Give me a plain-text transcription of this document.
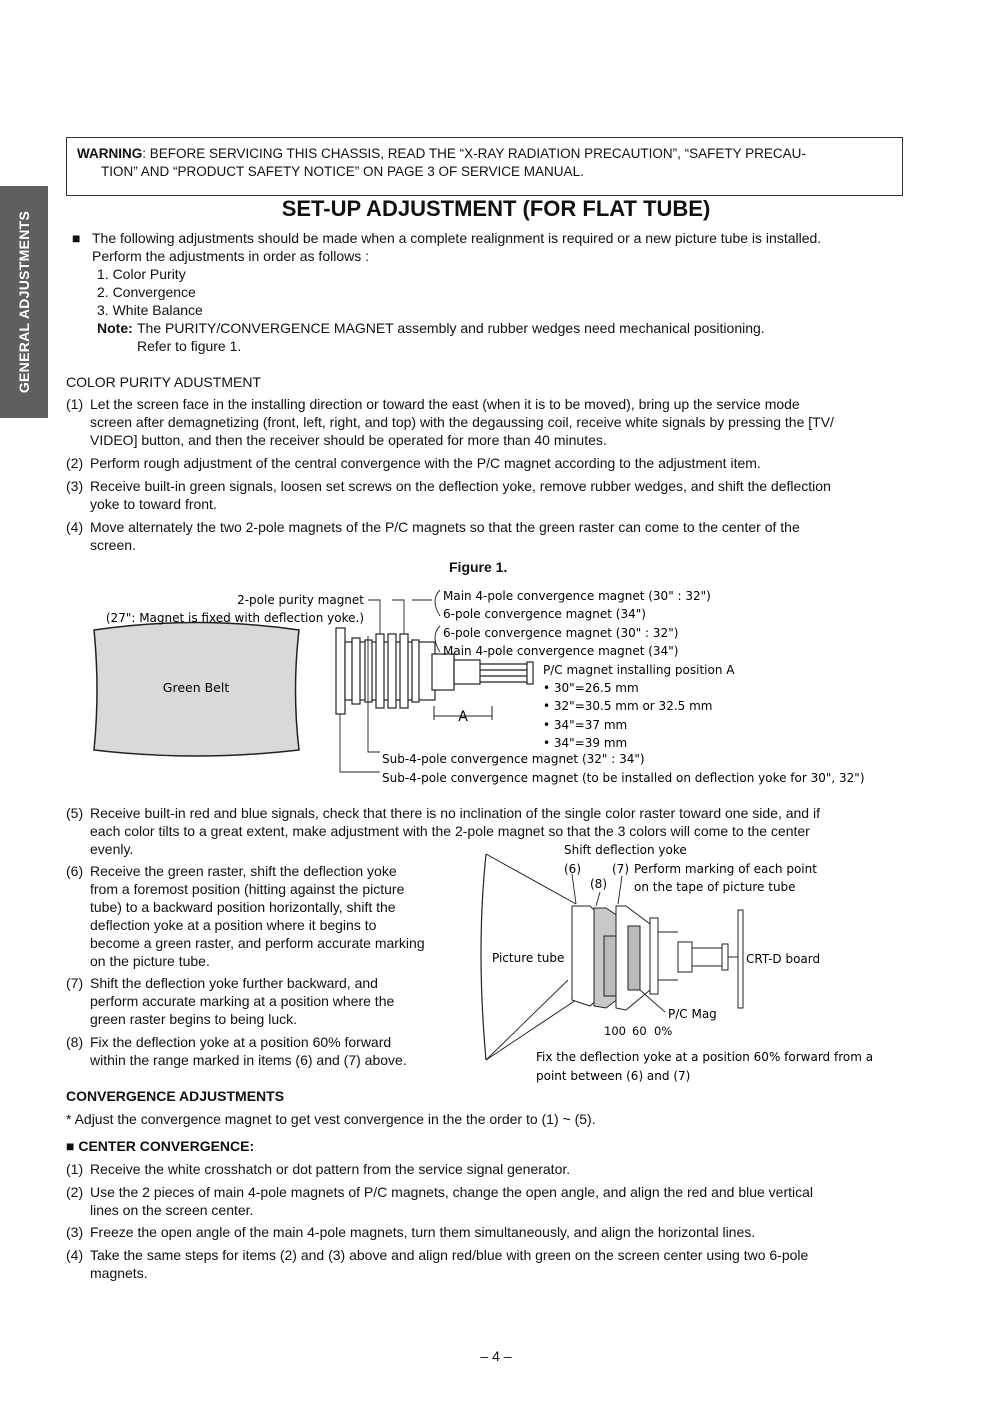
GENERAL ADJUSTMENTS
WARNING: BEFORE SERVICING THIS CHASSIS, READ THE “X-RAY RADIATION PRECAUTION”, “SAFETY PRECAU-
TION” AND “PRODUCT SAFETY NOTICE” ON PAGE 3 OF SERVICE MANUAL.
SET-UP ADJUSTMENT (FOR FLAT TUBE)
■ The following adjustments should be made when a complete realignment is required or a new picture tube is installed.
Perform the adjustments in order as follows :
1. Color Purity
2. Convergence
3. White Balance
Note: The PURITY/CONVERGENCE MAGNET assembly and rubber wedges need mechanical positioning.
Refer to figure 1.
COLOR PURITY ADUSTMENT
(1) Let the screen face in the installing direction or toward the east (when it is to be moved), bring up the service mode
screen after demagnetizing (front, left, right, and top) with the degaussing coil, receive white signals by pressing the [TV/
VIDEO] button, and then the receiver should be operated for more than 40 minutes.
(2) Perform rough adjustment of the central convergence with the P/C magnet according to the adjustment item.
(3) Receive built-in green signals, loosen set screws on the deflection yoke, remove rubber wedges, and shift the deflection
yoke to toward front.
(4) Move alternately the two 2-pole magnets of the P/C magnets so that the green raster can come to the center of the
screen.
Figure 1.
Green Belt
A
2-pole purity magnet
(27": Magnet is fixed with deflection yoke.)
Main 4-pole convergence magnet (30" : 32")
6-pole convergence magnet (34")
6-pole convergence magnet (30" : 32")
Main 4-pole convergence magnet (34")
P/C magnet installing position A
• 30"=26.5 mm
• 32"=30.5 mm or 32.5 mm
• 34"=37 mm
• 34"=39 mm
Sub-4-pole convergence magnet (32" : 34")
Sub-4-pole convergence magnet (to be installed on deflection yoke for 30", 32")
(5) Receive built-in red and blue signals, check that there is no inclination of the single color raster toward one side, and if
each color tilts to a great extent, make adjustment with the 2-pole magnet so that the 3 colors will come to the center
evenly.
(6) Receive the green raster, shift the deflection yoke
from a foremost position (hitting against the picture
tube) to a backward position horizontally, shift the
deflection yoke at a position where it begins to
become a green raster, and perform accurate marking
on the picture tube.
(7) Shift the deflection yoke further backward, and
perform accurate marking at a position where the
green raster begins to being luck.
(8) Fix the deflection yoke at a position 60% forward
within the range marked in items (6) and (7) above.
Shift deflection yoke
(6)	(7)
(8)
Perform marking of each point
on the tape of picture tube
Picture tube	CRT-D board
P/C Mag
100 60 0%
Fix the deflection yoke at a position 60% forward from a
point between (6) and (7)
CONVERGENCE ADJUSTMENTS
* Adjust the convergence magnet to get vest convergence in the the order to (1) ~ (5).
■ CENTER CONVERGENCE:
(1) Receive the white crosshatch or dot pattern from the service signal generator.
(2) Use the 2 pieces of main 4-pole magnets of P/C magnets, change the open angle, and align the red and blue vertical
lines on the screen center.
(3) Freeze the open angle of the main 4-pole magnets, turn them simultaneously, and align the horizontal lines.
(4) Take the same steps for items (2) and (3) above and align red/blue with green on the screen center using two 6-pole
magnets.
– 4 –
